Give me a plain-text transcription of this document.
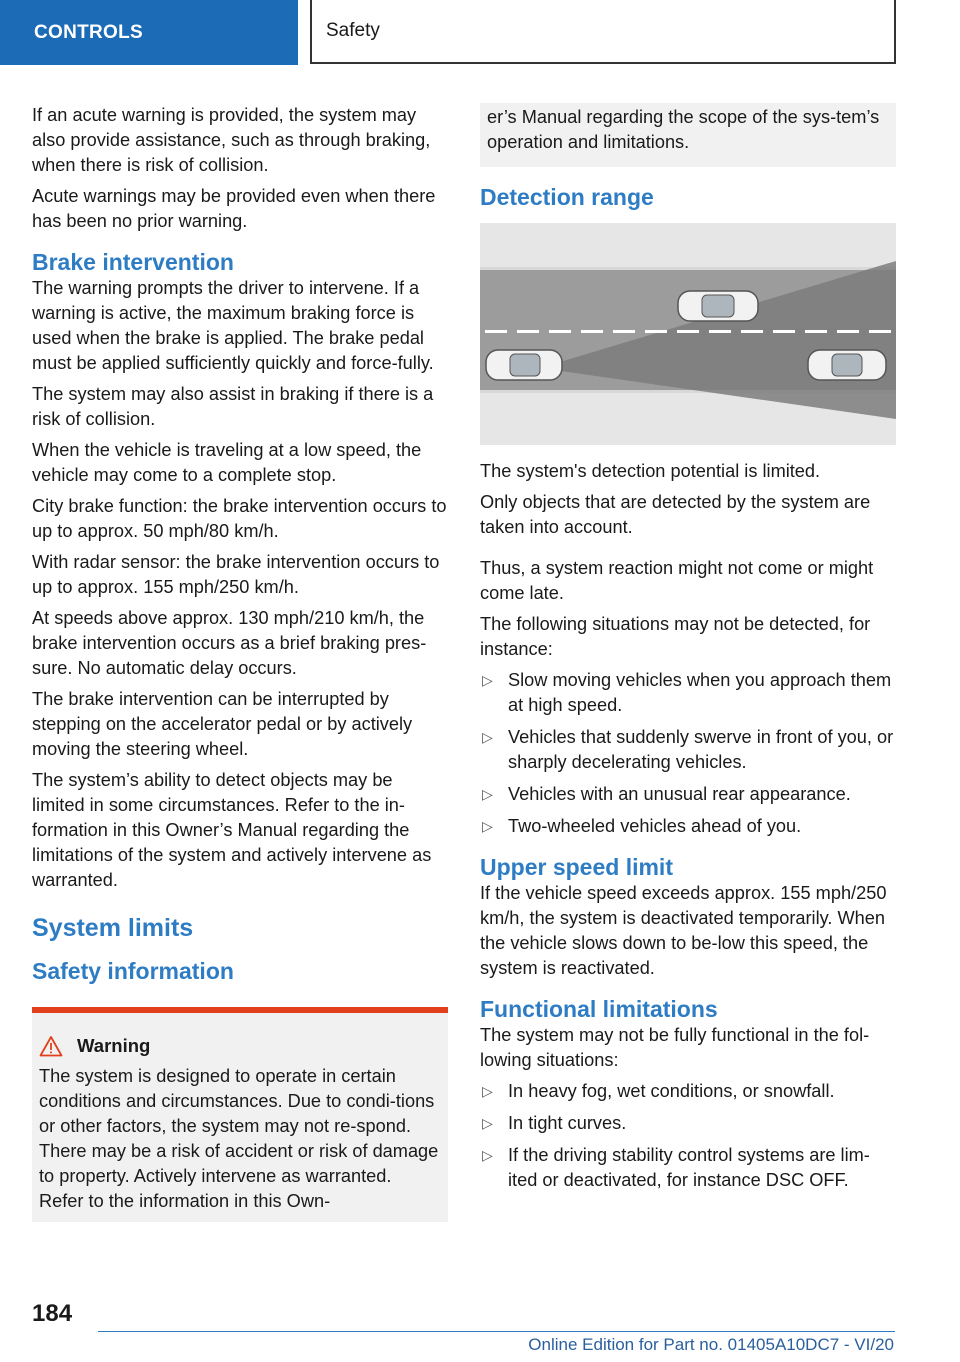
CONTROLS	Safety

If an acute warning is provided, the system may also provide assistance, such as through braking, when there is risk of collision.

Acute warnings may be provided even when there has been no prior warning.

Brake intervention

The warning prompts the driver to intervene. If a warning is active, the maximum braking force is used when the brake is applied. The brake pedal must be applied sufficiently quickly and force-fully.

The system may also assist in braking if there is a risk of collision.

When the vehicle is traveling at a low speed, the vehicle may come to a complete stop.

City brake function: the brake intervention occurs to up to approx. 50 mph/80 km/h.

With radar sensor: the brake intervention occurs to up to approx. 155 mph/250 km/h.

At speeds above approx. 130 mph/210 km/h, the brake intervention occurs as a brief braking pres-sure. No automatic delay occurs.

The brake intervention can be interrupted by stepping on the accelerator pedal or by actively moving the steering wheel.

The system’s ability to detect objects may be limited in some circumstances. Refer to the in-formation in this Owner’s Manual regarding the limitations of the system and actively intervene as warranted.

System limits
Safety information
Warning

The system is designed to operate in certain conditions and circumstances. Due to condi-tions or other factors, the system may not re-spond. There may be a risk of accident or risk of damage to property. Actively intervene as warranted. Refer to the information in this Own-

er’s Manual regarding the scope of the sys-tem’s operation and limitations.

Detection range

The system's detection potential is limited.

Only objects that are detected by the system are taken into account.

Thus, a system reaction might not come or might come late.

The following situations may not be detected, for instance:

▷ Slow moving vehicles when you approach them at high speed.
▷ Vehicles that suddenly swerve in front of you, or sharply decelerating vehicles.
▷ Vehicles with an unusual rear appearance.
▷ Two-wheeled vehicles ahead of you.
Upper speed limit

If the vehicle speed exceeds approx. 155 mph/250 km/h, the system is deactivated temporarily. When the vehicle slows down to be-low this speed, the system is reactivated.

Functional limitations

The system may not be fully functional in the fol-lowing situations:

▷ In heavy fog, wet conditions, or snowfall.
▷ In tight curves.
▷ If the driving stability control systems are lim-ited or deactivated, for instance DSC OFF.
184
Online Edition for Part no. 01405A10DC7 - VI/20
